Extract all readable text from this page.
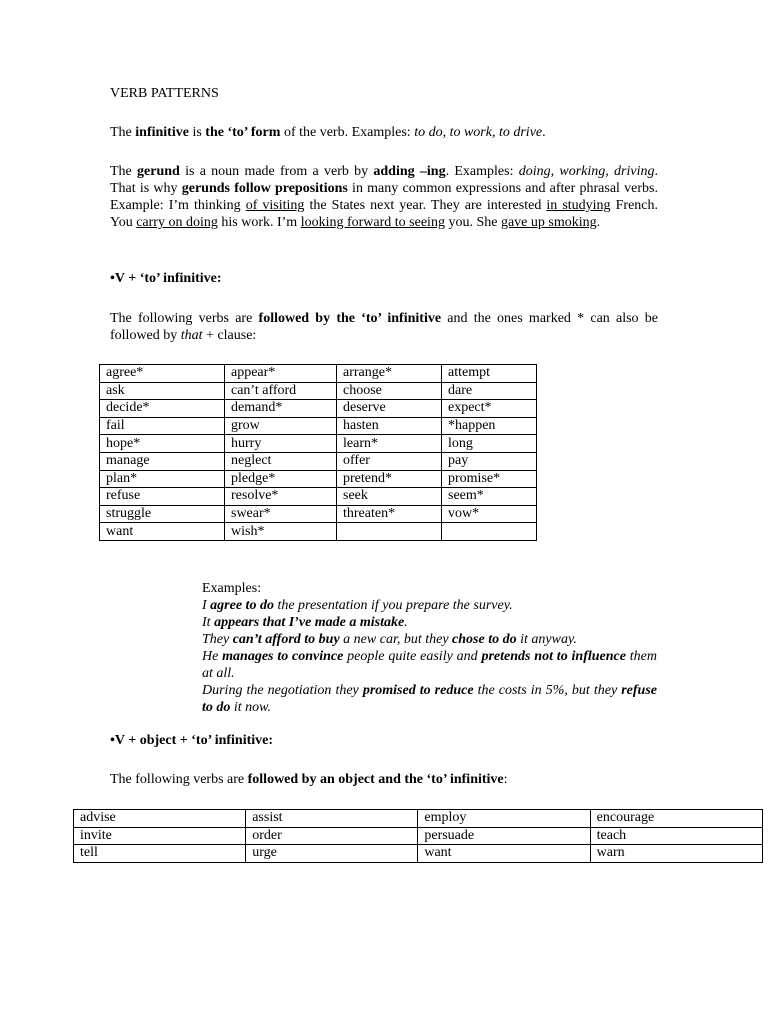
VERB PATTERNS

The infinitive is the ‘to’ form of the verb. Examples: to do, to work, to drive.

The gerund is a noun made from a verb by adding –ing. Examples: doing, working, driving. That is why gerunds follow prepositions in many common expressions and after phrasal verbs. Example: I’m thinking of visiting the States next year. They are interested in studying French. You carry on doing his work. I’m looking forward to seeing you. She gave up smoking.

•V + ‘to’ infinitive:

The following verbs are followed by the ‘to’ infinitive and the ones marked * can also be followed by that + clause:

agree*	appear*	arrange*	attempt
ask	can’t afford	choose	dare
decide*	demand*	deserve	expect*
fail	grow	hasten	*happen
hope*	hurry	learn*	long
manage	neglect	offer	pay
plan*	pledge*	pretend*	promise*
refuse	resolve*	seek	seem*
struggle	swear*	threaten*	vow*
want	wish*		
Examples:
I agree to do the presentation if you prepare the survey.
It appears that I’ve made a mistake.
They can’t afford to buy a new car, but they chose to do it anyway.
He manages to convince people quite easily and pretends not to influence them at all.
During the negotiation they promised to reduce the costs in 5%, but they refuse to do it now.
•V + object + ‘to’ infinitive:

The following verbs are followed by an object and the ‘to’ infinitive:

advise	assist	employ	encourage
invite	order	persuade	teach
tell	urge	want	warn
